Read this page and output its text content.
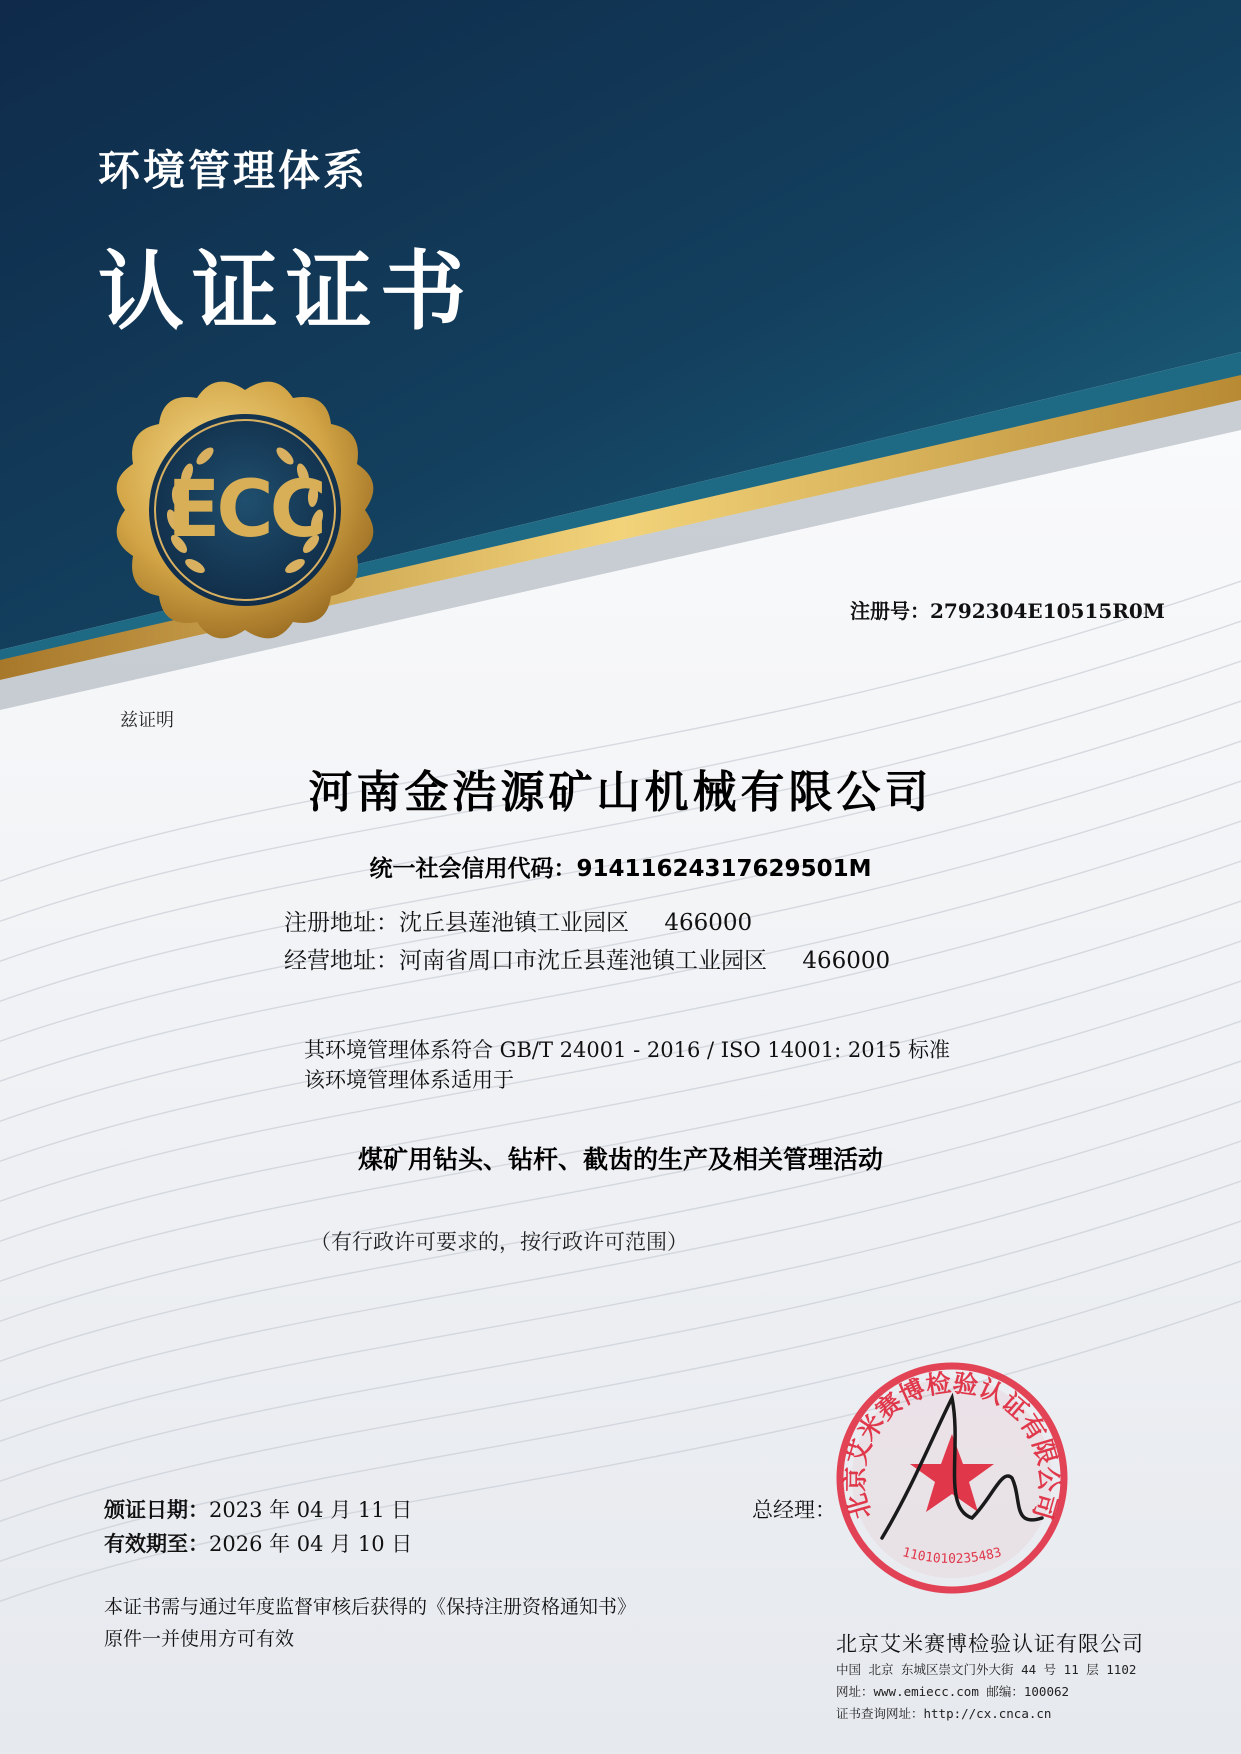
ECC
北京艾米赛博检验认证有限公司
1101010235483
环境管理体系
认证证书
注册号：2792304E10515R0M
兹证明
河南金浩源矿山机械有限公司
统一社会信用代码：91411624317629501M
注册地址：沈丘县莲池镇工业园区 466000
经营地址：河南省周口市沈丘县莲池镇工业园区 466000
其环境管理体系符合 GB/T 24001 - 2016 / ISO 14001: 2015 标准
该环境管理体系适用于
煤矿用钻头、钻杆、截齿的生产及相关管理活动
（有行政许可要求的，按行政许可范围）
颁证日期：2023 年 04 月 11 日
有效期至：2026 年 04 月 10 日
总经理：
本证书需与通过年度监督审核后获得的《保持注册资格通知书》
原件一并使用方可有效	北京艾米赛博检验认证有限公司
中国 北京 东城区崇文门外大街 44 号 11 层 1102
网址：www.emiecc.com 邮编：100062
证书查询网址：http://cx.cnca.cn
